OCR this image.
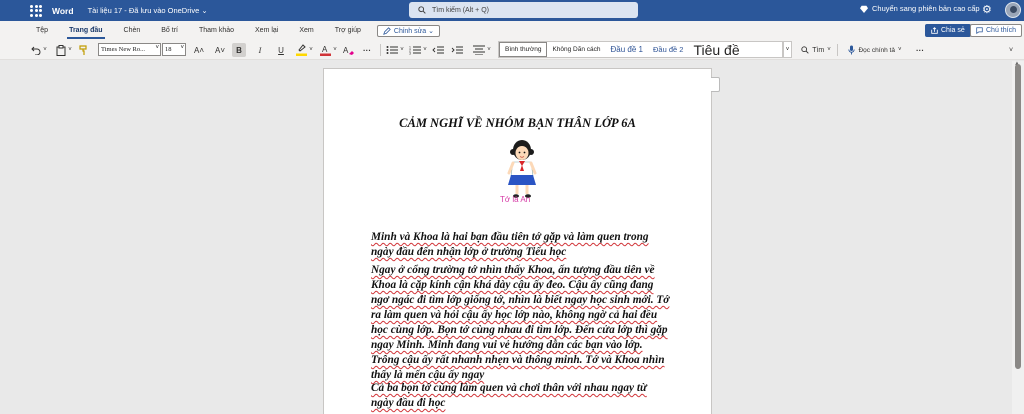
Word Tài liệu 17 - Đã lưu vào OneDrive ⌄	Tìm kiếm (Alt + Q)	Chuyển sang phiên bản cao cấp ⚙
Tệp	Trang đầu	Chèn	Bố trí	Tham khảo	Xem lại	Xem	Trợ giúp	Chỉnh sửa ⌄	Chia sẻ	Chú thích
˅	˅	Times New Ro... ˅ 18 ˅ A˄ A˅	B	I	U	˅ A ˅ A	···	˅	1
2
3
˅	˅	Bình thường	Không Dãn cách	Đầu đề 1	Đầu đề 2 Tiêu đề	˅	Tìm ˅	Đọc chính tả ˅	···	˅
CẢM NGHĨ VỀ NHÓM BẠN THÂN LỚP 6A
Tớ là An
Minh và Khoa là hai bạn đầu tiên tớ gặp và làm quen trong ngày đầu đến nhận lớp ở trường Tiểu học
Ngay ở cổng trường tớ nhìn thấy Khoa, ấn tượng đầu tiên về Khoa là cặp kính cận khá dày cậu ấy đeo. Cậu ấy cũng đang ngơ ngác đi tìm lớp giống tớ, nhìn là biết ngay học sinh mới. Tớ ra làm quen và hỏi cậu ấy học lớp nào, không ngờ cả hai đều học cùng lớp. Bọn tớ cùng nhau đi tìm lớp. Đến cửa lớp thì gặp ngay Minh. Minh đang vui vẻ hướng dẫn các bạn vào lớp. Trông cậu ấy rất nhanh nhẹn và thông minh. Tớ và Khoa nhìn thấy là mến cậu ấy ngay
Cả ba bọn tớ cùng làm quen và chơi thân với nhau ngay từ ngày đầu đi học
